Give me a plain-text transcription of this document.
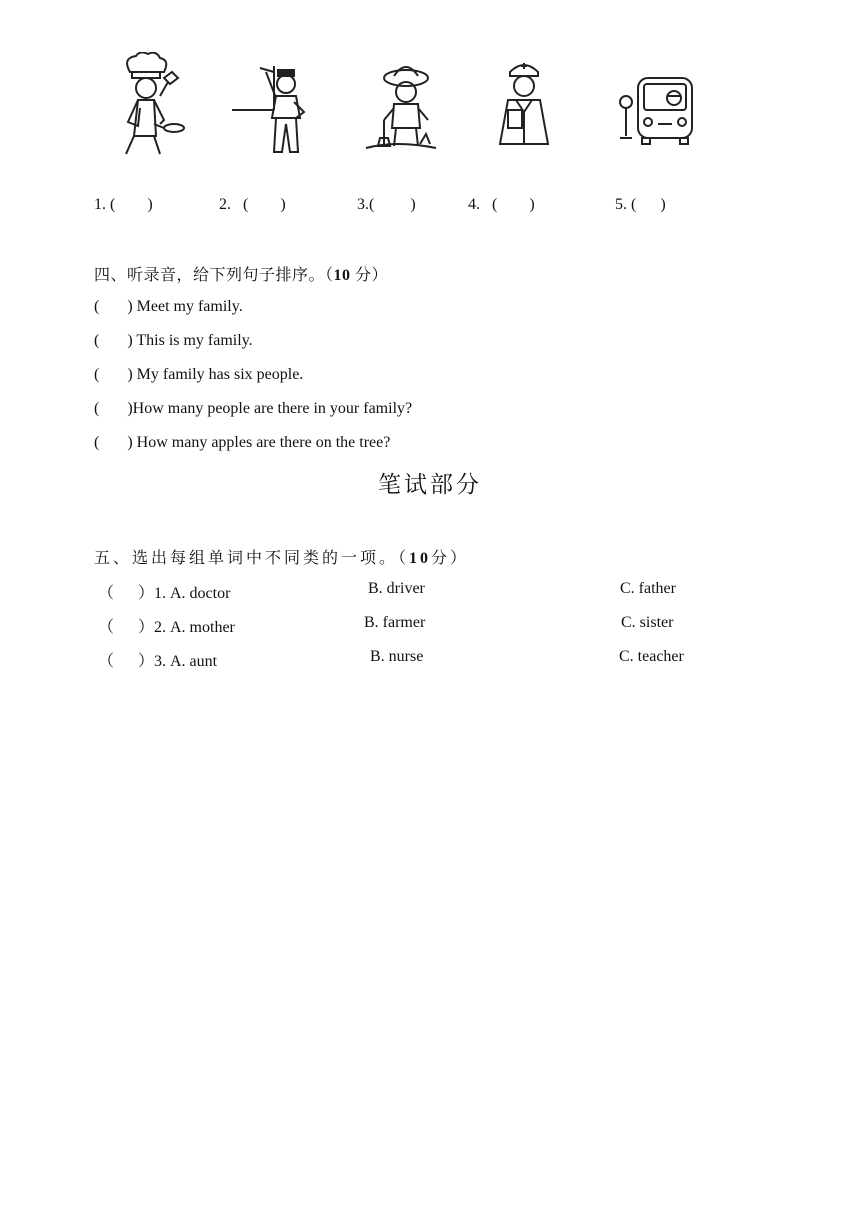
1. (        )	2.   (        )	3.(         )	4.   (        )	5. (      )
四、听录音，给下列句子排序。（10 分）
(       ) Meet my family.
(       ) This is my family.
(       ) My family has six people.
(       )How many people are there in your family?
(       ) How many apples are there on the tree?
笔试部分
五、选出每组单词中不同类的一项。（10分）
（      ）1. A. doctor	B. driver	C. father
（      ）2. A. mother	B. farmer	C. sister
（      ）3. A. aunt	B. nurse	C. teacher
